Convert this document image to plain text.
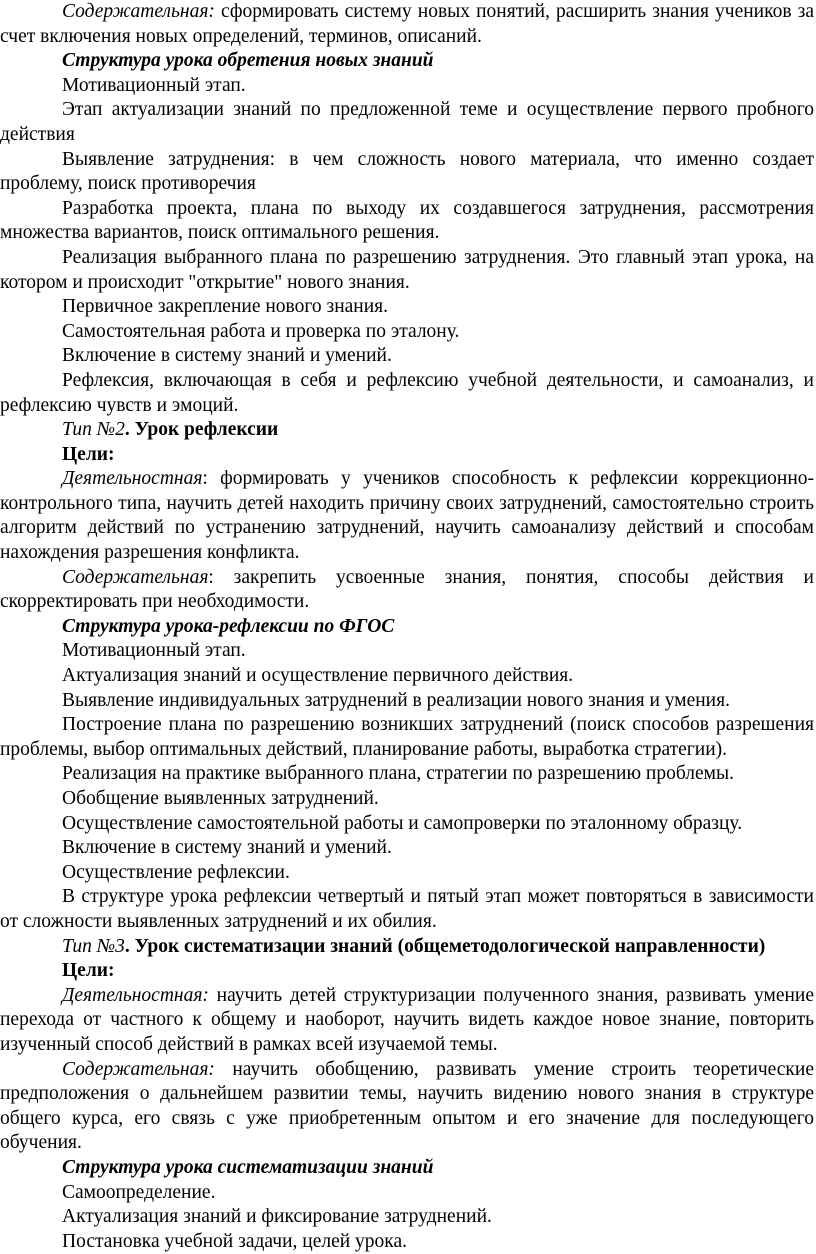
Содержательная: сформировать систему новых понятий, расширить знания учеников за счет включения новых определений, терминов, описаний.

Структура урока обретения новых знаний

Мотивационный этап.

Этап актуализации знаний по предложенной теме и осуществление первого пробного действия

Выявление затруднения: в чем сложность нового материала, что именно создает проблему, поиск противоречия

Разработка проекта, плана по выходу их создавшегося затруднения, рассмотрения множества вариантов, поиск оптимального решения.

Реализация выбранного плана по разрешению затруднения. Это главный этап урока, на котором и происходит "открытие" нового знания.

Первичное закрепление нового знания.

Самостоятельная работа и проверка по эталону.

Включение в систему знаний и умений.

Рефлексия, включающая в себя и рефлексию учебной деятельности, и самоанализ, и рефлексию чувств и эмоций.

Тип №2. Урок рефлексии

Цели:

Деятельностная: формировать у учеников способность к рефлексии коррекционно-контрольного типа, научить детей находить причину своих затруднений, самостоятельно строить алгоритм действий по устранению затруднений, научить самоанализу действий и способам нахождения разрешения конфликта.

Содержательная: закрепить усвоенные знания, понятия, способы действия и скорректировать при необходимости.

Структура урока-рефлексии по ФГОС

Мотивационный этап.

Актуализация знаний и осуществление первичного действия.

Выявление индивидуальных затруднений в реализации нового знания и умения.

Построение плана по разрешению возникших затруднений (поиск способов разрешения проблемы, выбор оптимальных действий, планирование работы, выработка стратегии).

Реализация на практике выбранного плана, стратегии по разрешению проблемы.

Обобщение выявленных затруднений.

Осуществление самостоятельной работы и самопроверки по эталонному образцу.

Включение в систему знаний и умений.

Осуществление рефлексии.

В структуре урока рефлексии четвертый и пятый этап может повторяться в зависимости от сложности выявленных затруднений и их обилия.

Тип №3. Урок систематизации знаний (общеметодологической направленности)

Цели:

Деятельностная: научить детей структуризации полученного знания, развивать умение перехода от частного к общему и наоборот, научить видеть каждое новое знание, повторить изученный способ действий в рамках всей изучаемой темы.

Содержательная: научить обобщению, развивать умение строить теоретические предположения о дальнейшем развитии темы, научить видению нового знания в структуре общего курса, его связь с уже приобретенным опытом и его значение для последующего обучения.

Структура урока систематизации знаний

Самоопределение.

Актуализация знаний и фиксирование затруднений.

Постановка учебной задачи, целей урока.
